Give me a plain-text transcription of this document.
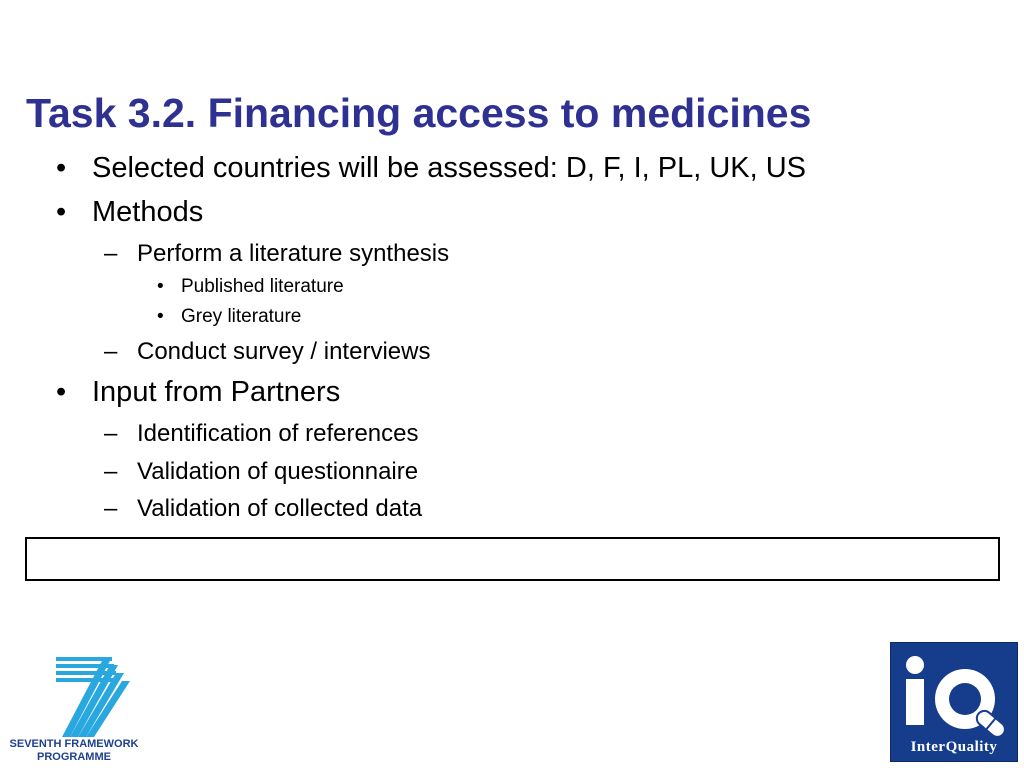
Task 3.2. Financing access to medicines
• Selected countries will be assessed: D, F, I, PL, UK, US
• Methods
– Perform a literature synthesis
• Published literature
• Grey literature
– Conduct survey / interviews
• Input from Partners
– Identification of references
– Validation of questionnaire
– Validation of collected data
SEVENTH FRAMEWORK
PROGRAMME
InterQuality
